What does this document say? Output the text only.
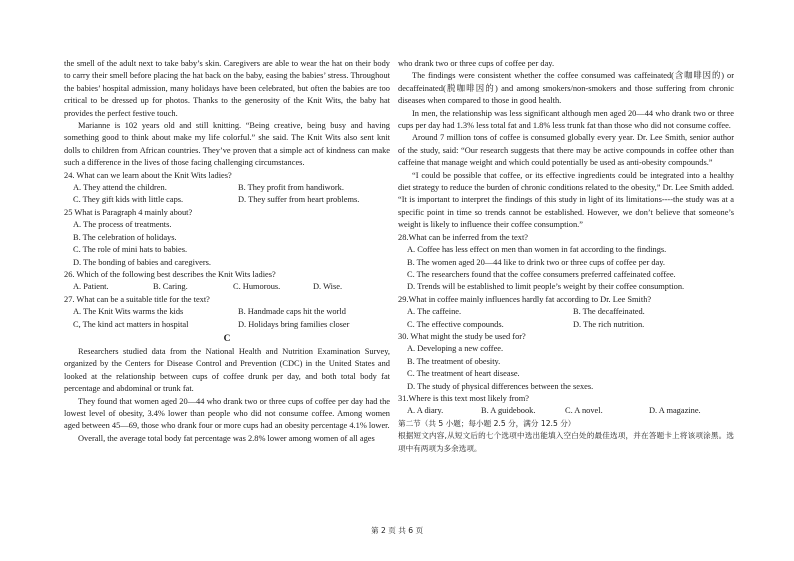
the smell of the adult next to take baby’s skin. Caregivers are able to wear the hat on their body to carry their smell before placing the hat back on the baby, easing the babies’ stress. Throughout the babies’ hospital admission, many holidays have been celebrated, but often the babies are too critical to be dressed up for photos. Thanks to the generosity of the Knit Wits, the baby hat provides the perfect festive touch.

Marianne is 102 years old and still knitting. “Being creative, being busy and having something good to think about make my life colorful.” she said. The Knit Wits also sent knit dolls to children from African countries. They’ve proven that a simple act of kindness can make such a difference in the lives of those facing challenging circumstances.

24. What can we learn about the Knit Wits ladies?

A. They attend the children.	B. They profit from handiwork.
C. They gift kids with little caps.	D. They suffer from heart problems.

25 What is Paragraph 4 mainly about?

A. The process of treatments.
B. The celebration of holidays.
C. The role of mini hats to babies.
D. The bonding of babies and caregivers.

26. Which of the following best describes the Knit Wits ladies?

A. Patient.	B. Caring.	C. Humorous.	D. Wise.

27. What can be a suitable title for the text?

A. The Knit Wits warms the kids	B. Handmade caps hit the world
C, The kind act matters in hospital	D. Holidays bring families closer
C

Researchers studied data from the National Health and Nutrition Examination Survey, organized by the Centers for Disease Control and Prevention (CDC) in the United States and looked at the relationship between cups of coffee drunk per day, and both total body fat percentage and abdominal or trunk fat.

They found that women aged 20—44 who drank two or three cups of coffee per day had the lowest level of obesity, 3.4% lower than people who did not consume coffee. Among women aged between 45—69, those who drank four or more cups had an obesity percentage 4.1% lower.

Overall, the average total body fat percentage was 2.8% lower among women of all ages

who drank two or three cups of coffee per day.

The findings were consistent whether the coffee consumed was caffeinated(含咖啡因的) or decaffeinated(脱咖啡因的) and among smokers/non-smokers and those suffering from chronic diseases when compared to those in good health.

In men, the relationship was less significant although men aged 20—44 who drank two or three cups per day had 1.3% less total fat and 1.8% less trunk fat than those who did not consume coffee.

Around 7 million tons of coffee is consumed globally every year. Dr. Lee Smith, senior author of the study, said: “Our research suggests that there may be active compounds in coffee other than caffeine that manage weight and which could potentially be used as anti-obesity compounds.”

“I could be possible that coffee, or its effective ingredients could be integrated into a healthy diet strategy to reduce the burden of chronic conditions related to the obesity,” Dr. Lee Smith added. “It is important to interpret the findings of this study in light of its limitations----the study was at a specific point in time so trends cannot be established. However, we don’t believe that someone’s weight is likely to influence their coffee consumption.”

28.What can be inferred from the text?

A. Coffee has less effect on men than women in fat according to the findings.
B. The women aged 20—44 like to drink two or three cups of coffee per day.
C. The researchers found that the coffee consumers preferred caffeinated coffee.
D. Trends will be established to limit people’s weight by their coffee consumption.

29.What in coffee mainly influences hardly fat according to Dr. Lee Smith?

A. The caffeine.	B. The decaffeinated.
C. The effective compounds.	D. The rich nutrition.

30. What might the study be used for?

A. Developing a new coffee.
B. The treatment of obesity.
C. The treatment of heart disease.
D. The study of physical differences between the sexes.

31.Where is this text most likely from?

A. A diary.	B. A guidebook.	C. A novel.	D. A magazine.

第二节（共 5 小题；每小题 2.5 分，满分 12.5 分）

根据短文内容,从短文后的七个选项中选出能填入空白处的最佳选项，并在答题卡上将该项涂黑。选项中有两项为多余选项。

第 2 页 共 6 页
